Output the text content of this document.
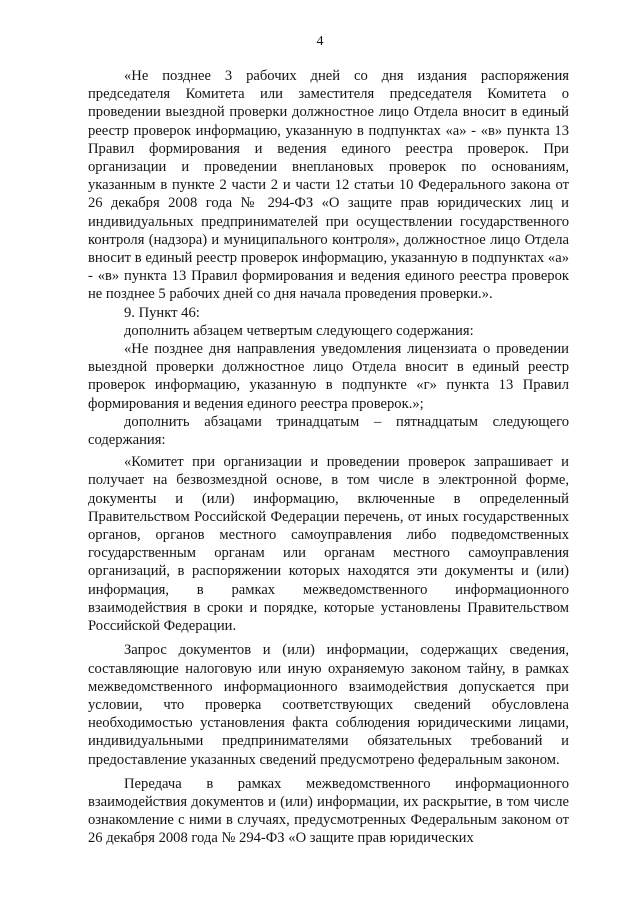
4

«Не позднее 3 рабочих дней со дня издания распоряжения председателя Комитета или заместителя председателя Комитета о проведении выездной проверки должностное лицо Отдела вносит в единый реестр проверок информацию, указанную в подпунктах «а» - «в» пункта 13 Правил формирования и ведения единого реестра проверок. При организации и проведении внеплановых проверок по основаниям, указанным в пункте 2 части 2 и части 12 статьи 10 Федерального закона от 26 декабря 2008 года № 294-ФЗ «О защите прав юридических лиц и индивидуальных предпринимателей при осуществлении государственного контроля (надзора) и муниципального контроля», должностное лицо Отдела вносит в единый реестр проверок информацию, указанную в подпунктах «а» - «в» пункта 13 Правил формирования и ведения единого реестра проверок не позднее 5 рабочих дней со дня начала проведения проверки.».

9. Пункт 46:

дополнить абзацем четвертым следующего содержания:

«Не позднее дня направления уведомления лицензиата о проведении выездной проверки должностное лицо Отдела вносит в единый реестр проверок информацию, указанную в подпункте «г» пункта 13 Правил формирования и ведения единого реестра проверок.»;

дополнить абзацами тринадцатым – пятнадцатым следующего содержания:

«Комитет при организации и проведении проверок запрашивает и получает на безвозмездной основе, в том числе в электронной форме, документы и (или) информацию, включенные в определенный Правительством Российской Федерации перечень, от иных государственных органов, органов местного самоуправления либо подведомственных государственным органам или органам местного самоуправления организаций, в распоряжении которых находятся эти документы и (или) информация, в рамках межведомственного информационного взаимодействия в сроки и порядке, которые установлены Правительством Российской Федерации.

Запрос документов и (или) информации, содержащих сведения, составляющие налоговую или иную охраняемую законом тайну, в рамках межведомственного информационного взаимодействия допускается при условии, что проверка соответствующих сведений обусловлена необходимостью установления факта соблюдения юридическими лицами, индивидуальными предпринимателями обязательных требований и предоставление указанных сведений предусмотрено федеральным законом.

Передача в рамках межведомственного информационного взаимодействия документов и (или) информации, их раскрытие, в том числе ознакомление с ними в случаях, предусмотренных Федеральным законом от 26 декабря 2008 года № 294-ФЗ «О защите прав юридических
